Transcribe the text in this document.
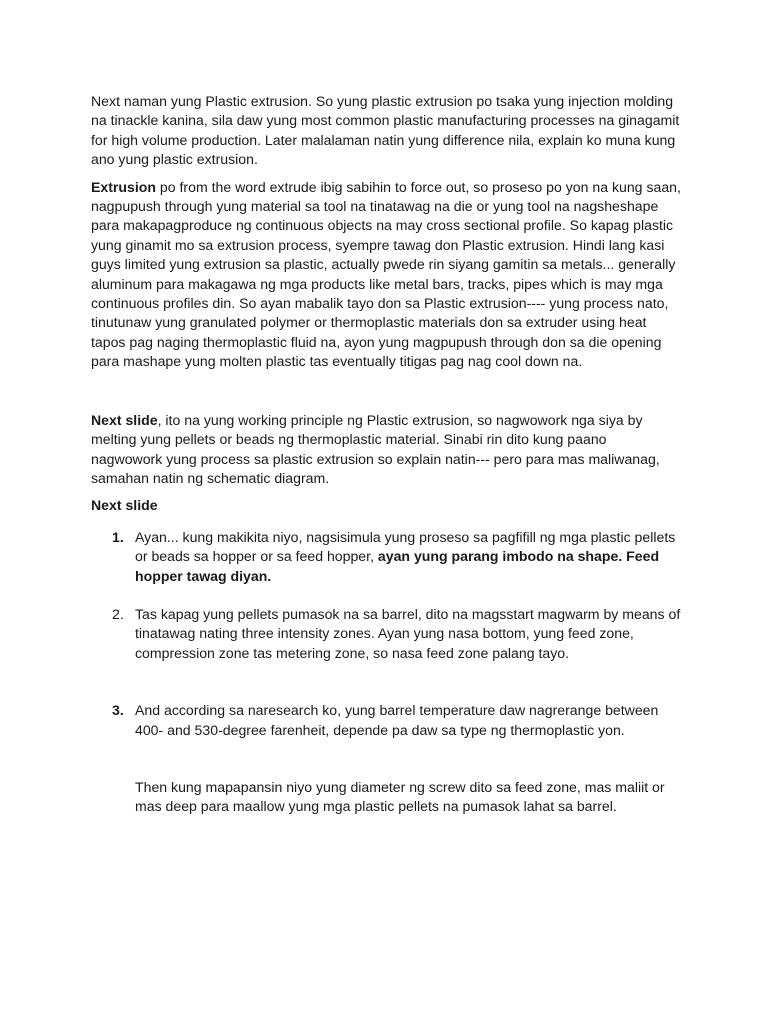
Next naman yung Plastic extrusion. So yung plastic extrusion po tsaka yung injection molding na tinackle kanina, sila daw yung most common plastic manufacturing processes na ginagamit for high volume production. Later malalaman natin yung difference nila, explain ko muna kung ano yung plastic extrusion.

Extrusion po from the word extrude ibig sabihin to force out, so proseso po yon na kung saan, nagpupush through yung material sa tool na tinatawag na die or yung tool na nagsheshape para makapagproduce ng continuous objects na may cross sectional profile. So kapag plastic yung ginamit mo sa extrusion process, syempre tawag don Plastic extrusion. Hindi lang kasi guys limited yung extrusion sa plastic, actually pwede rin siyang gamitin sa metals... generally aluminum para makagawa ng mga products like metal bars, tracks, pipes which is may mga continuous profiles din. So ayan mabalik tayo don sa Plastic extrusion---- yung process nato, tinutunaw yung granulated polymer or thermoplastic materials don sa extruder using heat tapos pag naging thermoplastic fluid na, ayon yung magpupush through don sa die opening para mashape yung molten plastic tas eventually titigas pag nag cool down na.

Next slide, ito na yung working principle ng Plastic extrusion, so nagwowork nga siya by melting yung pellets or beads ng thermoplastic material. Sinabi rin dito kung paano nagwowork yung process sa plastic extrusion so explain natin--- pero para mas maliwanag, samahan natin ng schematic diagram.

Next slide

1. Ayan... kung makikita niyo, nagsisimula yung proseso sa pagfifill ng mga plastic pellets or beads sa hopper or sa feed hopper, ayan yung parang imbodo na shape. Feed hopper tawag diyan.
2. Tas kapag yung pellets pumasok na sa barrel, dito na magsstart magwarm by means of tinatawag nating three intensity zones. Ayan yung nasa bottom, yung feed zone, compression zone tas metering zone, so nasa feed zone palang tayo.
3. And according sa naresearch ko, yung barrel temperature daw nagrerange between 400- and 530-degree farenheit, depende pa daw sa type ng thermoplastic yon.

Then kung mapapansin niyo yung diameter ng screw dito sa feed zone, mas maliit or mas deep para maallow yung mga plastic pellets na pumasok lahat sa barrel.
